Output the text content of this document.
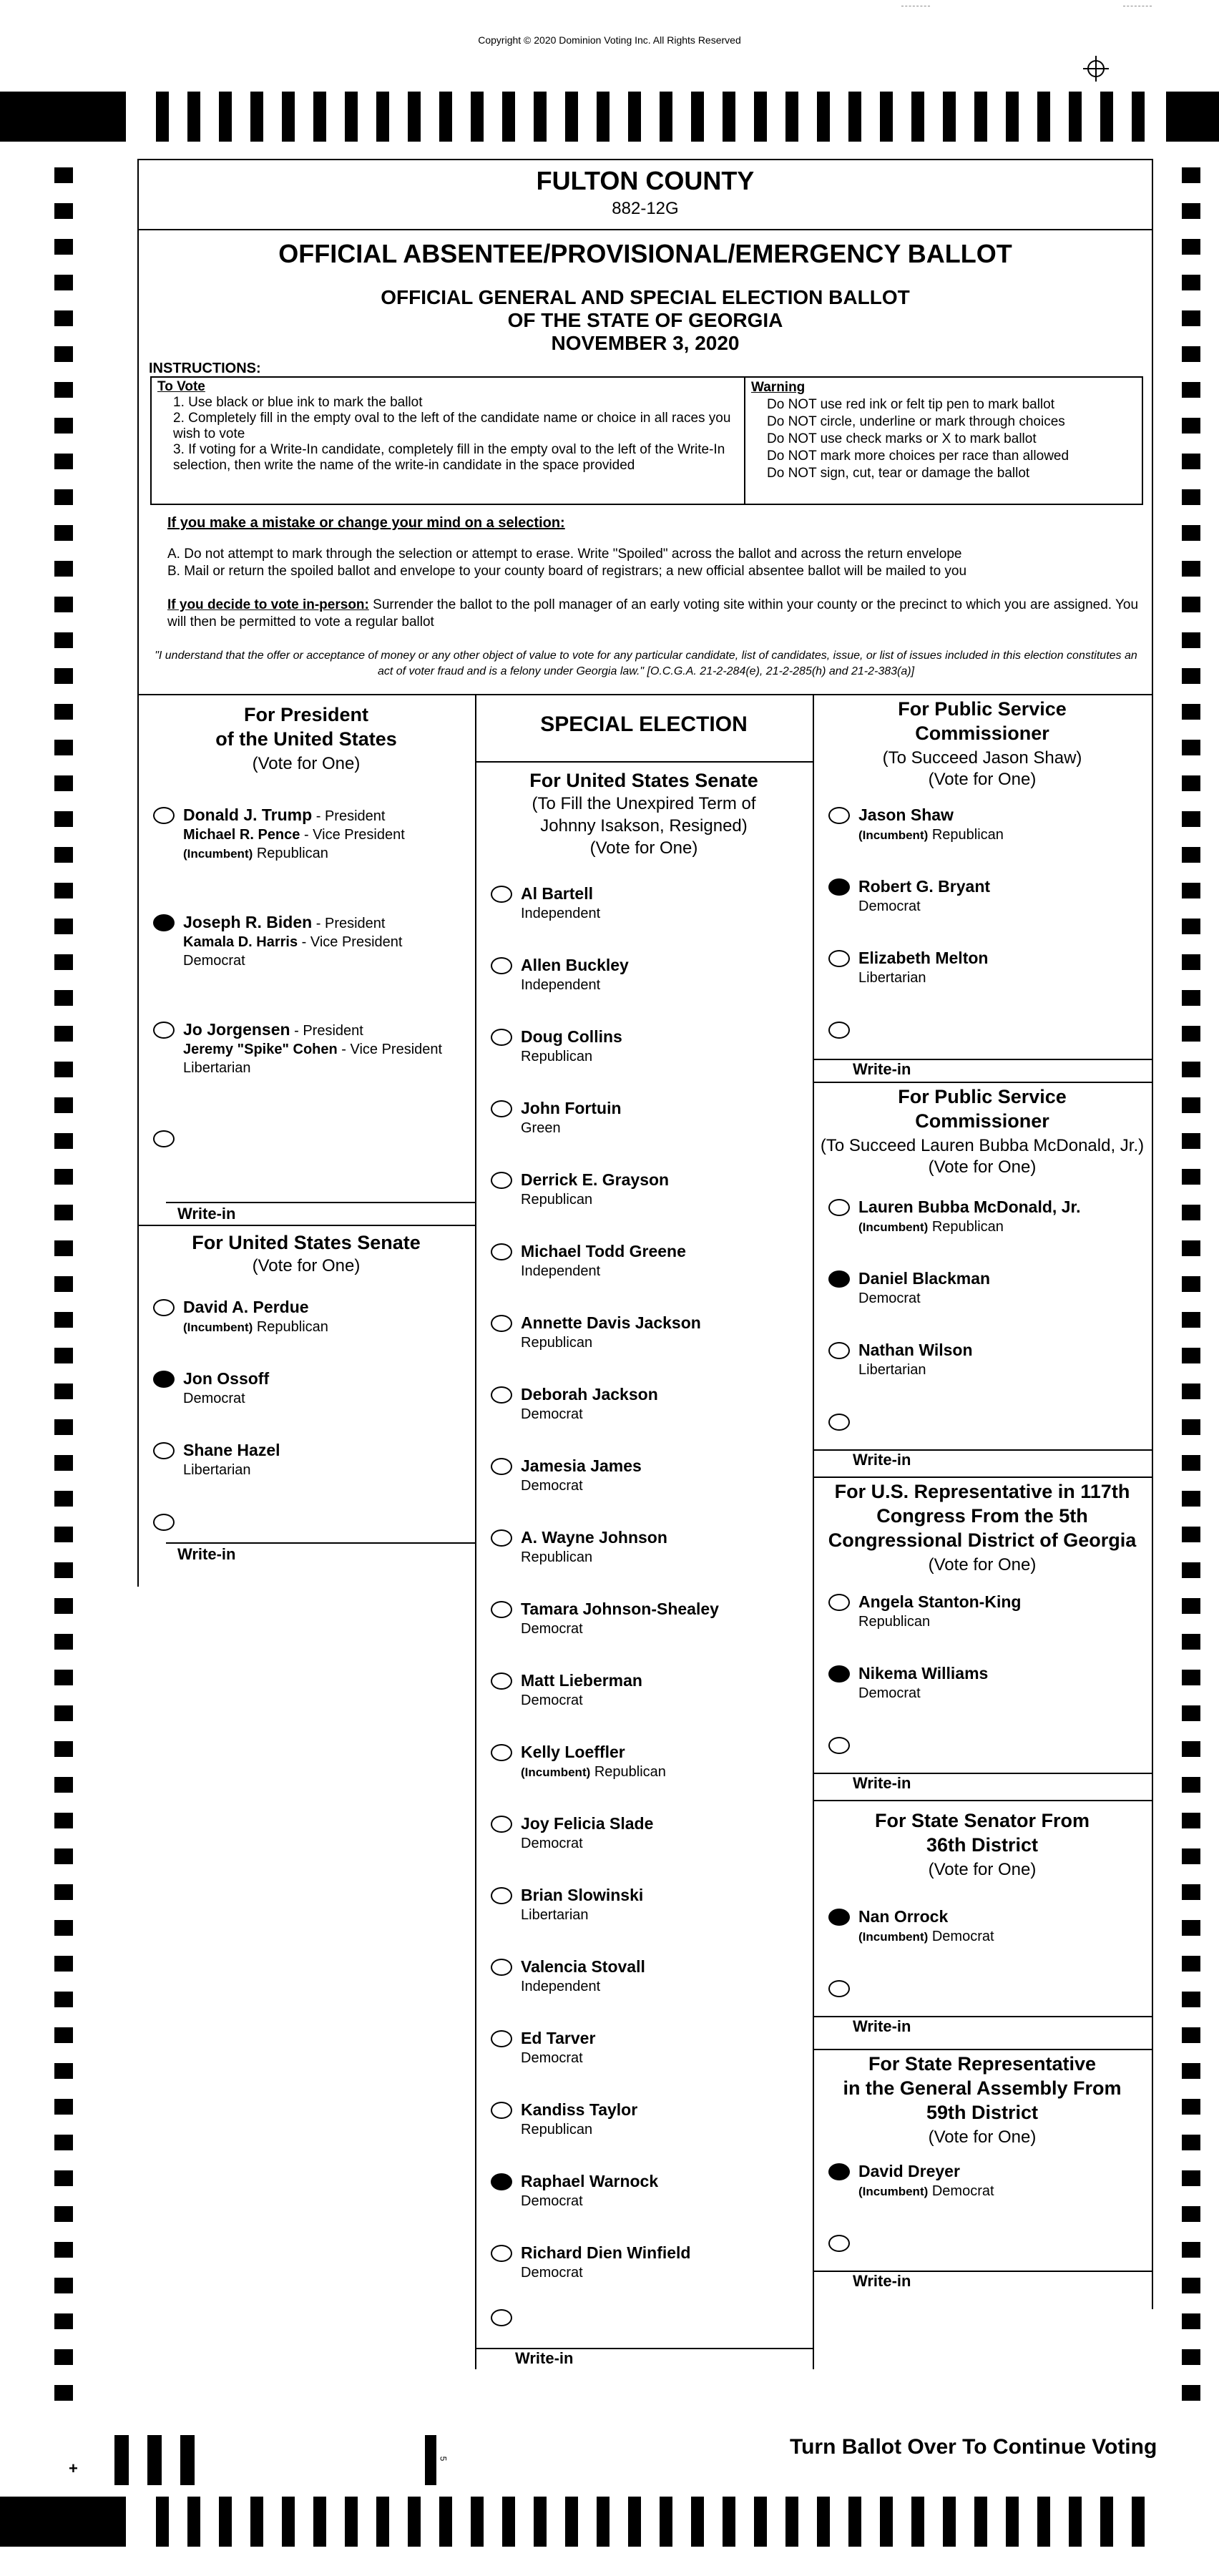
Copyright © 2020 Dominion Voting Inc. All Rights Reserved
FULTON COUNTY
882-12G
OFFICIAL ABSENTEE/PROVISIONAL/EMERGENCY BALLOT
OFFICIAL GENERAL AND SPECIAL ELECTION BALLOT
OF THE STATE OF GEORGIA
NOVEMBER 3, 2020
INSTRUCTIONS:
To Vote
1. Use black or blue ink to mark the ballot
2. Completely fill in the empty oval to the left of the candidate name or choice in all races you wish to vote
3. If voting for a Write-In candidate, completely fill in the empty oval to the left of the Write-In selection, then write the name of the write-in candidate in the space provided
Warning
Do NOT use red ink or felt tip pen to mark ballot
Do NOT circle, underline or mark through choices
Do NOT use check marks or X to mark ballot
Do NOT mark more choices per race than allowed
Do NOT sign, cut, tear or damage the ballot
If you make a mistake or change your mind on a selection:
A. Do not attempt to mark through the selection or attempt to erase. Write "Spoiled" across the ballot and across the return envelope
B. Mail or return the spoiled ballot and envelope to your county board of registrars; a new official absentee ballot will be mailed to you
If you decide to vote in-person: Surrender the ballot to the poll manager of an early voting site within your county or the precinct to which you are assigned. You will then be permitted to vote a regular ballot
"I understand that the offer or acceptance of money or any other object of value to vote for any particular candidate, list of candidates, issue, or list of issues included in this election constitutes an act of voter fraud and is a felony under Georgia law." [O.C.G.A. 21-2-284(e), 21-2-285(h) and 21-2-383(a)]
For President
of the United States
(Vote for One)
Donald J. Trump - President
Michael R. Pence - Vice President
(Incumbent) Republican
Joseph R. Biden - President
Kamala D. Harris - Vice President
Democrat
Jo Jorgensen - President
Jeremy "Spike" Cohen - Vice President
Libertarian
Write-in
For United States Senate
(Vote for One)
David A. Perdue
(Incumbent) Republican
Jon Ossoff
Democrat
Shane Hazel
Libertarian
Write-in
SPECIAL ELECTION
For United States Senate
(To Fill the Unexpired Term of
Johnny Isakson, Resigned)
(Vote for One)
Al Bartell
Independent
Allen Buckley
Independent
Doug Collins
Republican
John Fortuin
Green
Derrick E. Grayson
Republican
Michael Todd Greene
Independent
Annette Davis Jackson
Republican
Deborah Jackson
Democrat
Jamesia James
Democrat
A. Wayne Johnson
Republican
Tamara Johnson-Shealey
Democrat
Matt Lieberman
Democrat
Kelly Loeffler
(Incumbent) Republican
Joy Felicia Slade
Democrat
Brian Slowinski
Libertarian
Valencia Stovall
Independent
Ed Tarver
Democrat
Kandiss Taylor
Republican
Raphael Warnock
Democrat
Richard Dien Winfield
Democrat
Write-in
For Public Service
Commissioner
(To Succeed Jason Shaw)
(Vote for One)
Jason Shaw
(Incumbent) Republican
Robert G. Bryant
Democrat
Elizabeth Melton
Libertarian
Write-in
For Public Service
Commissioner
(To Succeed Lauren Bubba McDonald, Jr.)
(Vote for One)
Lauren Bubba McDonald, Jr.
(Incumbent) Republican
Daniel Blackman
Democrat
Nathan Wilson
Libertarian
Write-in
For U.S. Representative in 117th
Congress From the 5th
Congressional District of Georgia
(Vote for One)
Angela Stanton-King
Republican
Nikema Williams
Democrat
Write-in
For State Senator From
36th District
(Vote for One)
Nan Orrock
(Incumbent) Democrat
Write-in
For State Representative
in the General Assembly From
59th District
(Vote for One)
David Dreyer
(Incumbent) Democrat
Write-in
Turn Ballot Over To Continue Voting
+
5
